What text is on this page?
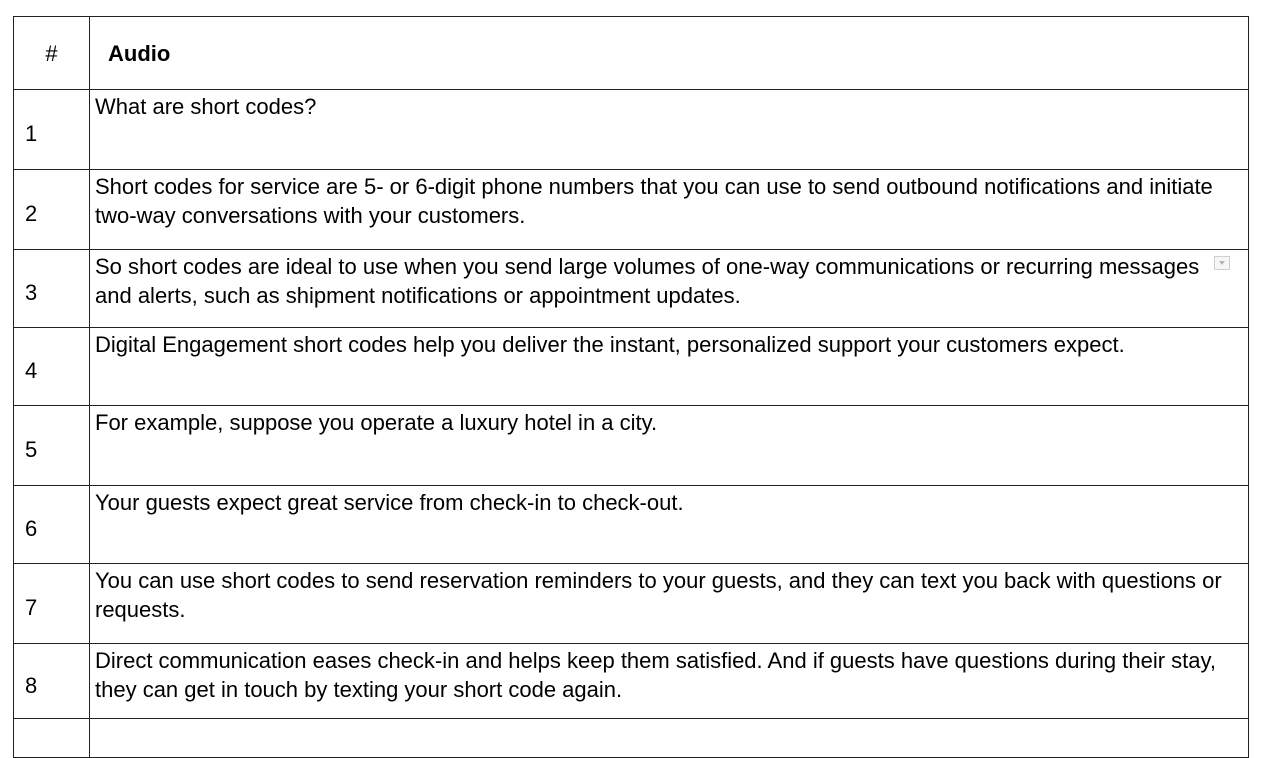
#	Audio
1	What are short codes?
2	Short codes for service are 5- or 6-digit phone numbers that you can use to send outbound notifications and initiate two-way conversations with your customers.
3	So short codes are ideal to use when you send large volumes of one-way communications or recurring messages and alerts, such as shipment notifications or appointment updates.

4	Digital Engagement short codes help you deliver the instant, personalized support your customers expect.
5	For example, suppose you operate a luxury hotel in a city.
6	Your guests expect great service from check-in to check-out.
7	You can use short codes to send reservation reminders to your guests, and they can text you back with questions or requests.
8	Direct communication eases check-in and helps keep them satisfied. And if guests have questions during their stay, they can get in touch by texting your short code again.
